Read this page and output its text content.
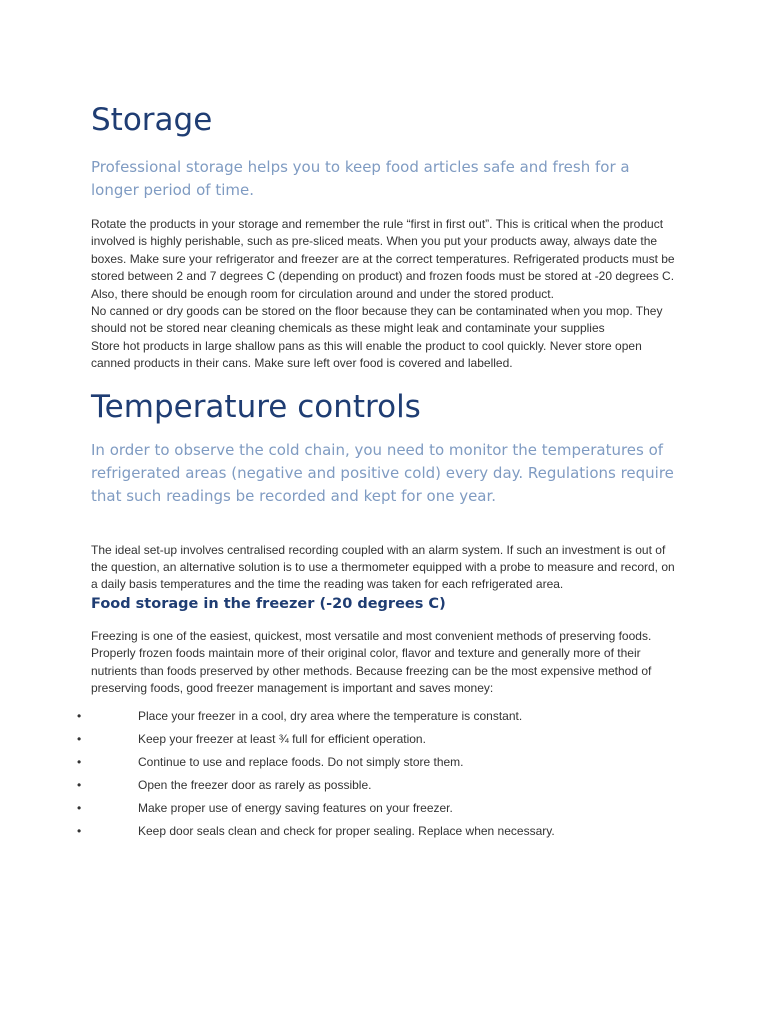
Storage

Professional storage helps you to keep food articles safe and fresh for a longer period of time.

Rotate the products in your storage and remember the rule “first in first out”. This is critical when the product involved is highly perishable, such as pre-sliced meats. When you put your products away, always date the boxes. Make sure your refrigerator and freezer are at the correct temperatures. Refrigerated products must be stored between 2 and 7 degrees C (depending on product) and frozen foods must be stored at -20 degrees C. Also, there should be enough room for circulation around and under the stored product.

No canned or dry goods can be stored on the floor because they can be contaminated when you mop. They should not be stored near cleaning chemicals as these might leak and contaminate your supplies

Store hot products in large shallow pans as this will enable the product to cool quickly. Never store open canned products in their cans. Make sure left over food is covered and labelled.

Temperature controls

In order to observe the cold chain, you need to monitor the temperatures of refrigerated areas (negative and positive cold) every day. Regulations require that such readings be recorded and kept for one year.

The ideal set-up involves centralised recording coupled with an alarm system. If such an investment is out of the question, an alternative solution is to use a thermometer equipped with a probe to measure and record, on a daily basis temperatures and the time the reading was taken for each refrigerated area.

Food storage in the freezer (-20 degrees C)

Freezing is one of the easiest, quickest, most versatile and most convenient methods of preserving foods. Properly frozen foods maintain more of their original color, flavor and texture and generally more of their nutrients than foods preserved by other methods. Because freezing can be the most expensive method of preserving foods, good freezer management is important and saves money:

•	Place your freezer in a cool, dry area where the temperature is constant.
•	Keep your freezer at least ¾ full for efficient operation.
•	Continue to use and replace foods. Do not simply store them.
•	Open the freezer door as rarely as possible.
•	Make proper use of energy saving features on your freezer.
•	Keep door seals clean and check for proper sealing. Replace when necessary.
